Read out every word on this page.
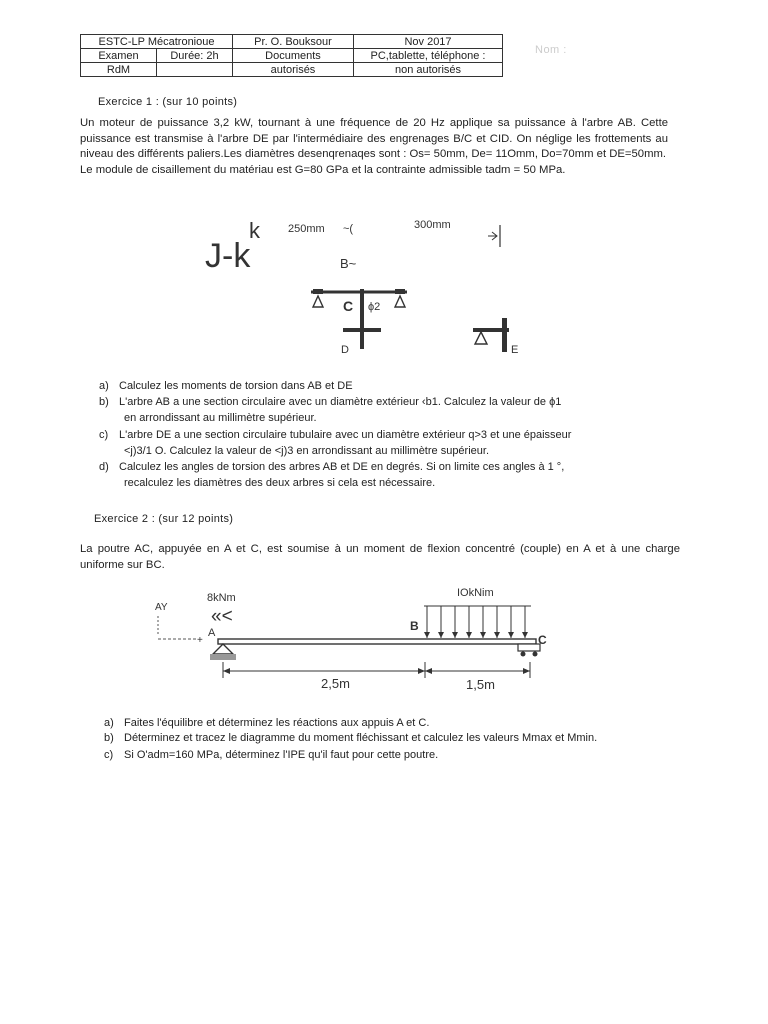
ESTC-LP Mécatronioue		Pr. O. Bouksour	Nov 2017
Examen	Durée: 2h	Documents	PC,tablette, téléphone :
RdM		autorisés	non autorisés
Nom :
Exercice 1 : (sur 10 points)

Un moteur de puissance 3,2 kW, tournant à une fréquence de 20 Hz applique sa puissance à l'arbre AB. Cette puissance est transmise à l'arbre DE par l'intermédiaire des engrenages B/C et CID. On néglige les frottements au niveau des différents paliers.Les diamètres desenqrenaqes sont : Os= 50mm, De= 11Omm, Do=70mm et DE=50mm.

Le module de cisaillement du matériau est G=80 GPa et la contrainte admissible tadm = 50 MPa.

J-k
k	250mm ~(	300mm
B~
C ϕ2
D	E
a) Calculez les moments de torsion dans AB et DE
b) L'arbre AB a une section circulaire avec un diamètre extérieur ‹b1. Calculez la valeur de ϕ1
en arrondissant au millimètre supérieur.
c) L'arbre DE a une section circulaire tubulaire avec un diamètre extérieur q>3 et une épaisseur
<j)3/1 O. Calculez la valeur de <j)3 en arrondissant au millimètre supérieur.
d) Calculez les angles de torsion des arbres AB et DE en degrés. Si on limite ces angles à 1 °,
recalculez les diamètres des deux arbres si cela est nécessaire.
Exercice 2 : (sur 12 points)
La poutre AC, appuyée en A et C, est soumise à un moment de flexion concentré (couple) en A et à une charge uniforme sur BC.
8kNm
«<
AY
+
A	B
C
IOkNim
2,5m	1,5m
a) Faites l'équilibre et déterminez les réactions aux appuis A et C.
b) Déterminez et tracez le diagramme du moment fléchissant et calculez les valeurs Mmax et Mmin.
c) Si O'adm=160 MPa, déterminez l'IPE qu'il faut pour cette poutre.
